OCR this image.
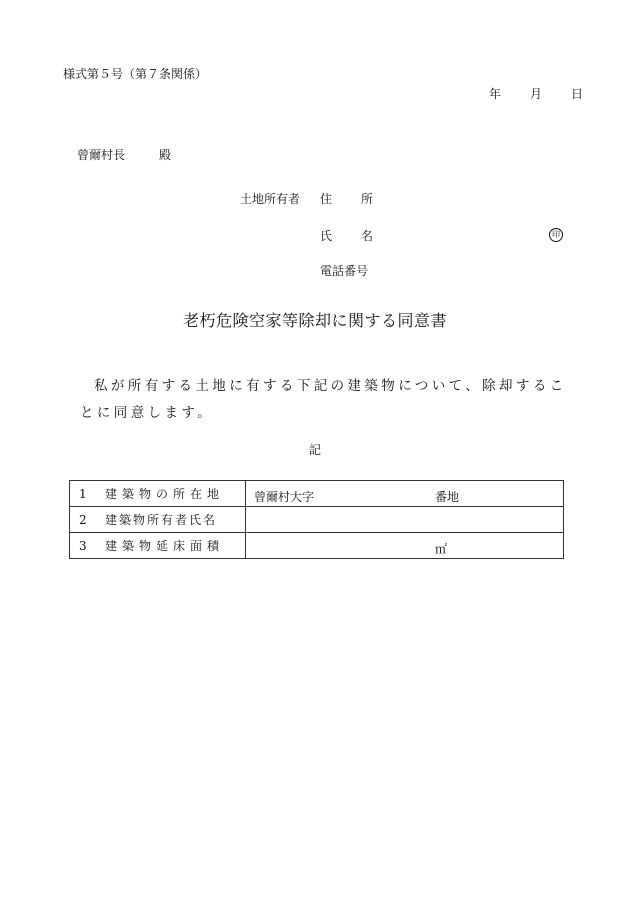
様式第５号（第７条関係）
年	月	日
曾爾村長	殿
土地所有者 住 所
氏 名	印
電話番号
老朽危険空家等除却に関する同意書
私が所有する土地に有する下記の建築物について、除却することに同意します。
記
1 建築物の所在地	曾爾村大字 番地

2 建築物所有者氏名	

3 建築物延床面積	㎡
